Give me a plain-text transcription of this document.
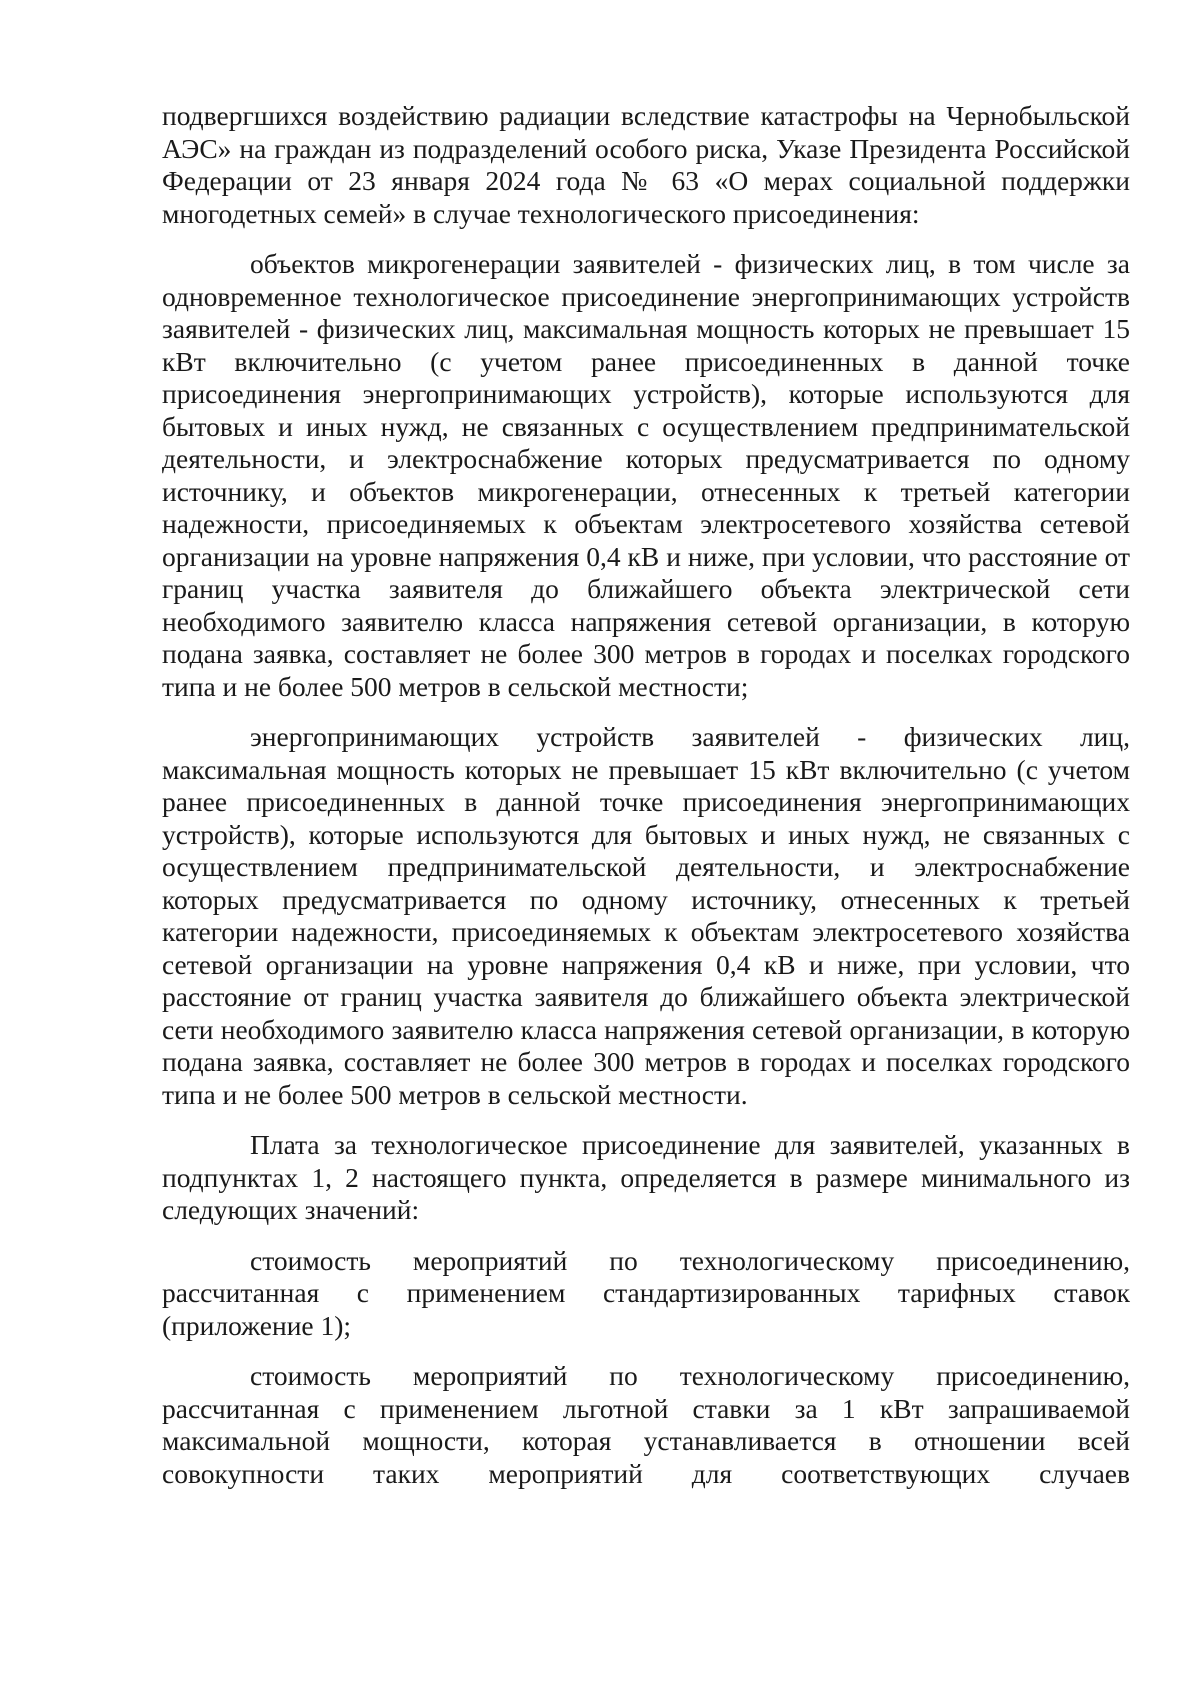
подвергшихся воздействию радиации вследствие катастрофы на Чернобыльской АЭС» на граждан из подразделений особого риска, Указе Президента Российской Федерации от 23 января 2024 года № 63 «О мерах социальной поддержки многодетных семей» в случае технологического присоединения:

объектов микрогенерации заявителей - физических лиц, в том числе за одновременное технологическое присоединение энергопринимающих устройств заявителей - физических лиц, максимальная мощность которых не превышает 15 кВт включительно (с учетом ранее присоединенных в данной точке присоединения энергопринимающих устройств), которые используются для бытовых и иных нужд, не связанных с осуществлением предпринимательской деятельности, и электроснабжение которых предусматривается по одному источнику, и объектов микрогенерации, отнесенных к третьей категории надежности, присоединяемых к объектам электросетевого хозяйства сетевой организации на уровне напряжения 0,4 кВ и ниже, при условии, что расстояние от границ участка заявителя до ближайшего объекта электрической сети необходимого заявителю класса напряжения сетевой организации, в которую подана заявка, составляет не более 300 метров в городах и поселках городского типа и не более 500 метров в сельской местности;

энергопринимающих устройств заявителей - физических лиц, максимальная мощность которых не превышает 15 кВт включительно (с учетом ранее присоединенных в данной точке присоединения энергопринимающих устройств), которые используются для бытовых и иных нужд, не связанных с осуществлением предпринимательской деятельности, и электроснабжение которых предусматривается по одному источнику, отнесенных к третьей категории надежности, присоединяемых к объектам электросетевого хозяйства сетевой организации на уровне напряжения 0,4 кВ и ниже, при условии, что расстояние от границ участка заявителя до ближайшего объекта электрической сети необходимого заявителю класса напряжения сетевой организации, в которую подана заявка, составляет не более 300 метров в городах и поселках городского типа и не более 500 метров в сельской местности.

Плата за технологическое присоединение для заявителей, указанных в подпунктах 1, 2 настоящего пункта, определяется в размере минимального из следующих значений:

стоимость мероприятий по технологическому присоединению, рассчитанная с применением стандартизированных тарифных ставок (приложение 1);

стоимость мероприятий по технологическому присоединению, рассчитанная с применением льготной ставки за 1 кВт запрашиваемой максимальной мощности, которая устанавливается в отношении всей совокупности таких мероприятий для соответствующих случаев
